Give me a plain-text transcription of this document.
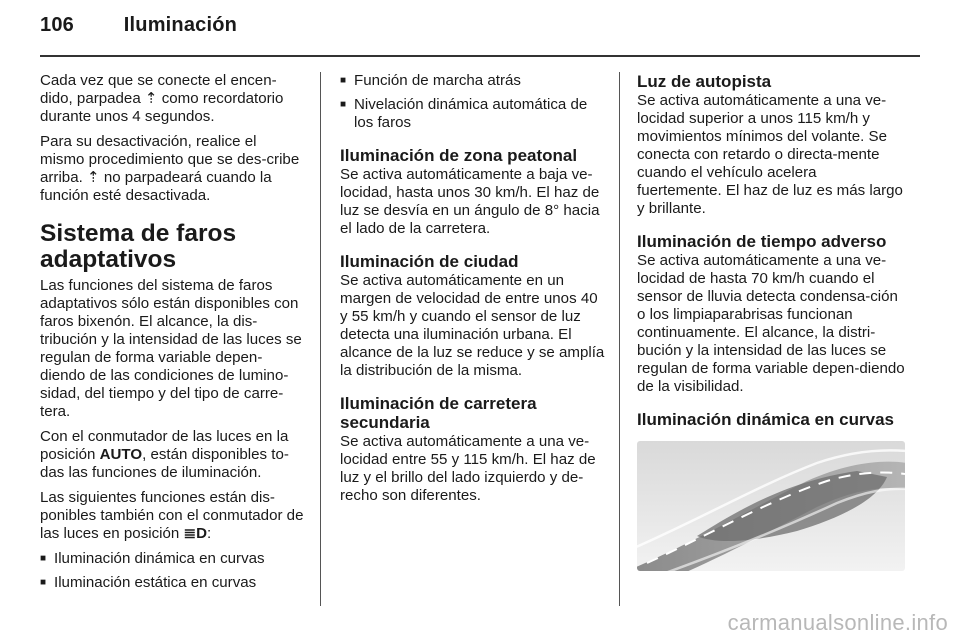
106 Iluminación

Cada vez que se conecte el encen-dido, parpadea ⇡ como recordatorio durante unos 4 segundos.

Para su desactivación, realice el mismo procedimiento que se des-cribe arriba. ⇡ no parpadeará cuando la función esté desactivada.

Sistema de faros adaptativos

Las funciones del sistema de faros adaptativos sólo están disponibles con faros bixenón. El alcance, la dis-tribución y la intensidad de las luces se regulan de forma variable depen-diendo de las condiciones de lumino-sidad, del tiempo y del tipo de carre-tera.

Con el conmutador de las luces en la posición AUTO, están disponibles to-das las funciones de iluminación.

Las siguientes funciones están dis-ponibles también con el conmutador de las luces en posición ≣D:

■ Iluminación dinámica en curvas
■ Iluminación estática en curvas
■ Función de marcha atrás
■ Nivelación dinámica automática de los faros
Iluminación de zona peatonal

Se activa automáticamente a baja ve-locidad, hasta unos 30 km/h. El haz de luz se desvía en un ángulo de 8° hacia el lado de la carretera.

Iluminación de ciudad

Se activa automáticamente en un margen de velocidad de entre unos 40 y 55 km/h y cuando el sensor de luz detecta una iluminación urbana. El alcance de la luz se reduce y se amplía la distribución de la misma.

Iluminación de carretera secundaria

Se activa automáticamente a una ve-locidad entre 55 y 115 km/h. El haz de luz y el brillo del lado izquierdo y de-recho son diferentes.

Luz de autopista

Se activa automáticamente a una ve-locidad superior a unos 115 km/h y movimientos mínimos del volante. Se conecta con retardo o directa-mente cuando el vehículo acelera fuertemente. El haz de luz es más largo y brillante.

Iluminación de tiempo adverso

Se activa automáticamente a una ve-locidad de hasta 70 km/h cuando el sensor de lluvia detecta condensa-ción o los limpiaparabrisas funcionan continuamente. El alcance, la distri-bución y la intensidad de las luces se regulan de forma variable depen-diendo de la visibilidad.

Iluminación dinámica en curvas
carmanualsonline.info
